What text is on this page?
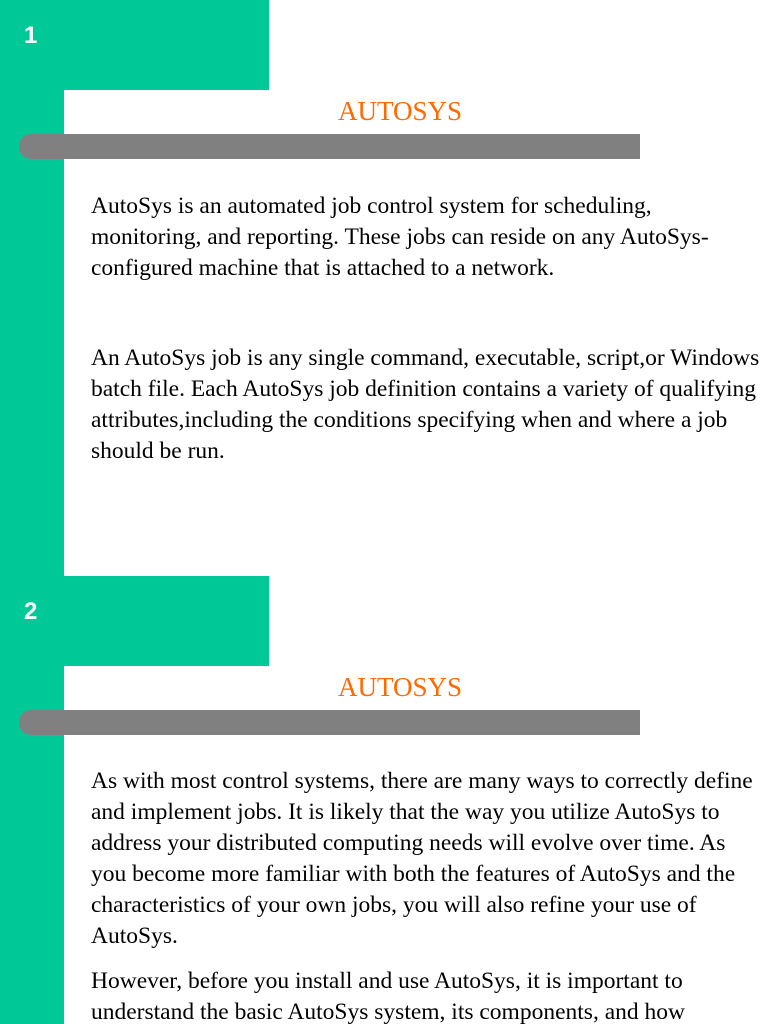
1
AUTOSYS

AutoSys is an automated job control system for scheduling, monitoring, and reporting. These jobs can reside on any AutoSys-configured machine that is attached to a network.

An AutoSys job is any single command, executable, script,or Windows batch file. Each AutoSys job definition contains a variety of qualifying attributes,including the conditions specifying when and where a job should be run.

2
AUTOSYS

As with most control systems, there are many ways to correctly define and implement jobs. It is likely that the way you utilize AutoSys to address your distributed computing needs will evolve over time. As you become more familiar with both the features of AutoSys and the characteristics of your own jobs, you will also refine your use of AutoSys.

However, before you install and use AutoSys, it is important to understand the basic AutoSys system, its components, and how
